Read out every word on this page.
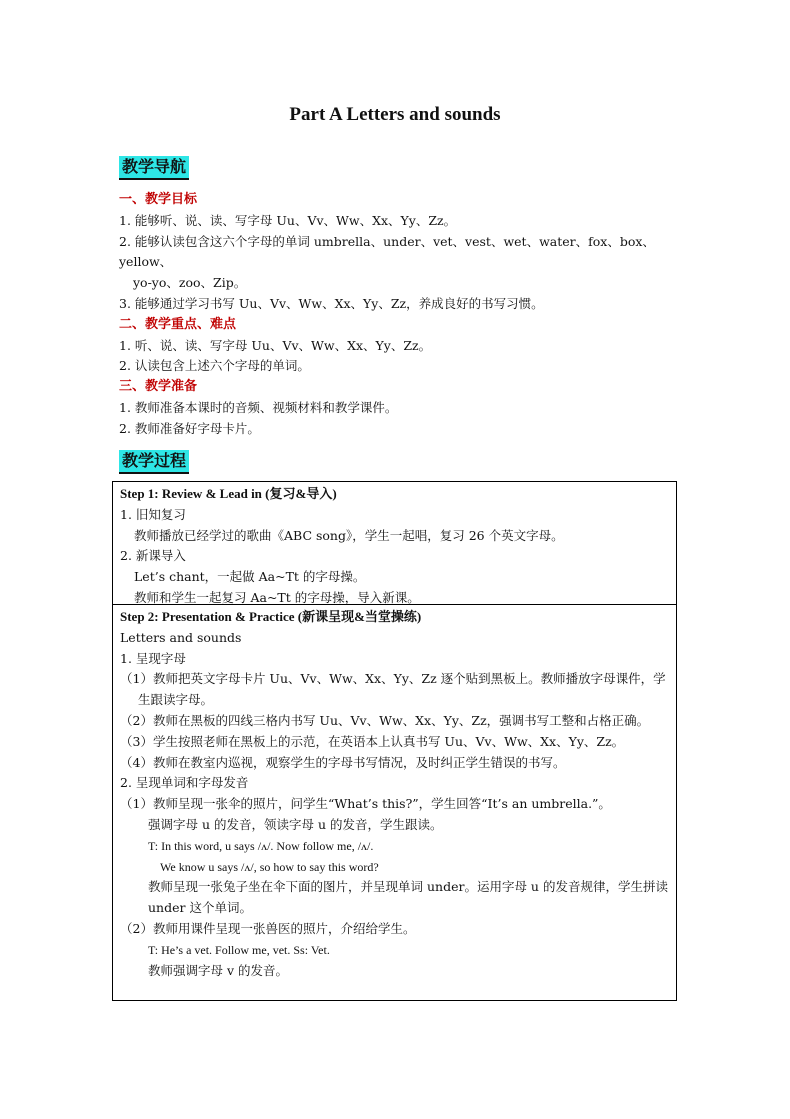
Part A Letters and sounds
教学导航
一、教学目标
1. 能够听、说、读、写字母 Uu、Vv、Ww、Xx、Yy、Zz。
2. 能够认读包含这六个字母的单词 umbrella、under、vet、vest、wet、water、fox、box、
yellow、
yo-yo、zoo、Zip。
3. 能够通过学习书写 Uu、Vv、Ww、Xx、Yy、Zz，养成良好的书写习惯。
二、教学重点、难点
1. 听、说、读、写字母 Uu、Vv、Ww、Xx、Yy、Zz。
2. 认读包含上述六个字母的单词。
三、教学准备
1. 教师准备本课时的音频、视频材料和教学课件。
2. 教师准备好字母卡片。
教学过程
Step 1: Review & Lead in (复习&导入)
1. 旧知复习
教师播放已经学过的歌曲《ABC song》，学生一起唱，复习 26 个英文字母。
2. 新课导入
Let’s chant，一起做 Aa~Tt 的字母操。
教师和学生一起复习 Aa~Tt 的字母操，导入新课。
Step 2: Presentation & Practice (新课呈现&当堂操练)
Letters and sounds
1. 呈现字母
（1）教师把英文字母卡片 Uu、Vv、Ww、Xx、Yy、Zz 逐个贴到黑板上。教师播放字母课件，学生跟读字母。
（2）教师在黑板的四线三格内书写 Uu、Vv、Ww、Xx、Yy、Zz，强调书写工整和占格正确。
（3）学生按照老师在黑板上的示范，在英语本上认真书写 Uu、Vv、Ww、Xx、Yy、Zz。
（4）教师在教室内巡视，观察学生的字母书写情况，及时纠正学生错误的书写。
2. 呈现单词和字母发音
（1）教师呈现一张伞的照片，问学生“What’s this?”，学生回答“It’s an umbrella.”。
强调字母 u 的发音，领读字母 u 的发音，学生跟读。
T: In this word, u says /ʌ/. Now follow me, /ʌ/.
We know u says /ʌ/, so how to say this word?
教师呈现一张兔子坐在伞下面的图片，并呈现单词 under。运用字母 u 的发音规律，学生拼读 under 这个单词。
（2）教师用课件呈现一张兽医的照片，介绍给学生。
T: He’s a vet. Follow me, vet. Ss: Vet.
教师强调字母 v 的发音。
